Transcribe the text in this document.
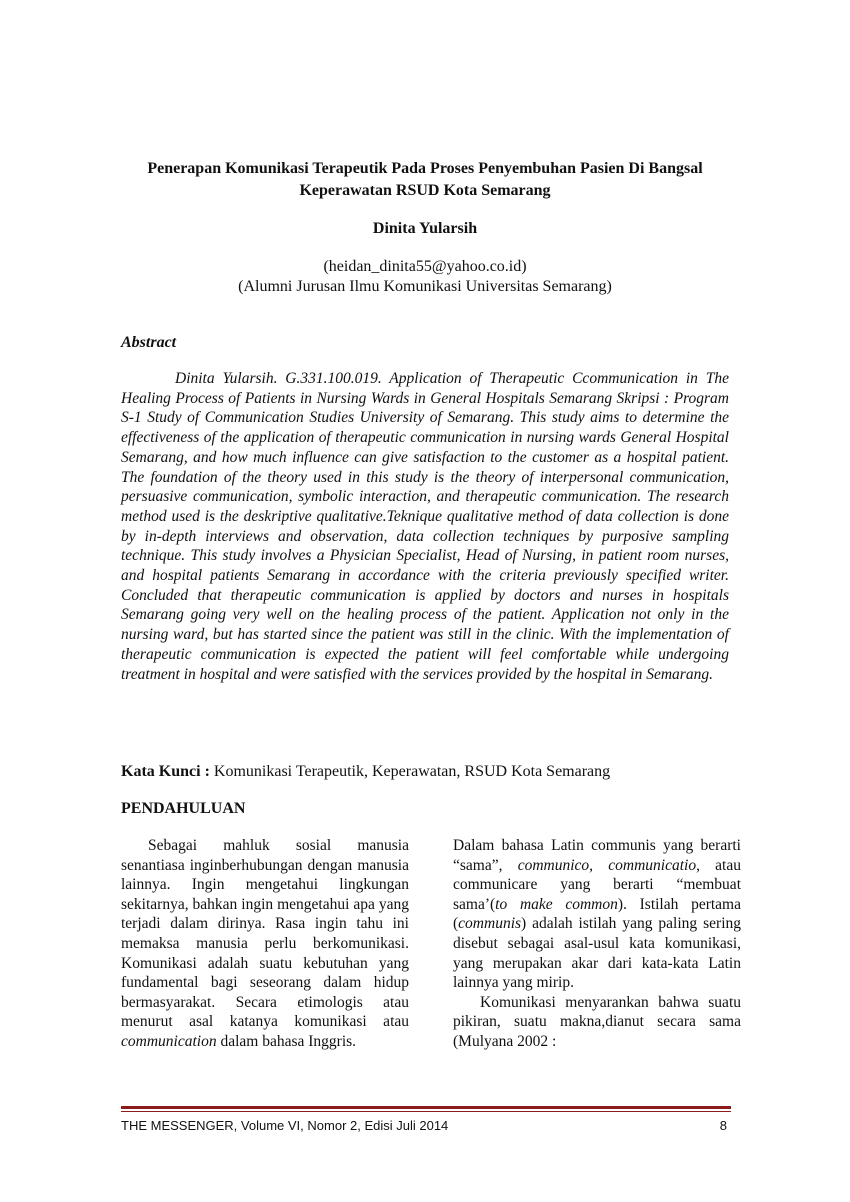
Penerapan Komunikasi Terapeutik Pada Proses Penyembuhan Pasien Di Bangsal Keperawatan RSUD Kota Semarang
Dinita Yularsih
(heidan_dinita55@yahoo.co.id)
(Alumni Jurusan Ilmu Komunikasi Universitas Semarang)
Abstract

Dinita Yularsih. G.331.100.019. Application of Therapeutic Ccommunication in The Healing Process of Patients in Nursing Wards in General Hospitals Semarang Skripsi : Program S-1 Study of Communication Studies University of Semarang. This study aims to determine the effectiveness of the application of therapeutic communication in nursing wards General Hospital Semarang, and how much influence can give satisfaction to the customer as a hospital patient. The foundation of the theory used in this study is the theory of interpersonal communication, persuasive communication, symbolic interaction, and therapeutic communication. The research method used is the deskriptive qualitative.Teknique qualitative method of data collection is done by in-depth interviews and observation, data collection techniques by purposive sampling technique. This study involves a Physician Specialist, Head of Nursing, in patient room nurses, and hospital patients Semarang in accordance with the criteria previously specified writer. Concluded that therapeutic communication is applied by doctors and nurses in hospitals Semarang going very well on the healing process of the patient. Application not only in the nursing ward, but has started since the patient was still in the clinic. With the implementation of therapeutic communication is expected the patient will feel comfortable while undergoing treatment in hospital and were satisfied with the services provided by the hospital in Semarang.

Kata Kunci : Komunikasi Terapeutik, Keperawatan, RSUD Kota Semarang
PENDAHULUAN

Sebagai mahluk sosial manusia senantiasa inginberhubungan dengan manusia lainnya. Ingin mengetahui lingkungan sekitarnya, bahkan ingin mengetahui apa yang terjadi dalam dirinya. Rasa ingin tahu ini memaksa manusia perlu berkomunikasi. Komunikasi adalah suatu kebutuhan yang fundamental bagi seseorang dalam hidup bermasyarakat. Secara etimologis atau menurut asal katanya komunikasi atau communication dalam bahasa Inggris.

Dalam bahasa Latin communis yang berarti “sama”, communico, communicatio, atau communicare yang berarti “membuat sama’(to make common). Istilah pertama (communis) adalah istilah yang paling sering disebut sebagai asal-usul kata komunikasi, yang merupakan akar dari kata-kata Latin lainnya yang mirip.

Komunikasi menyarankan bahwa suatu pikiran, suatu makna,dianut secara sama (Mulyana 2002 :

THE MESSENGER, Volume VI, Nomor 2, Edisi Juli 2014	8
